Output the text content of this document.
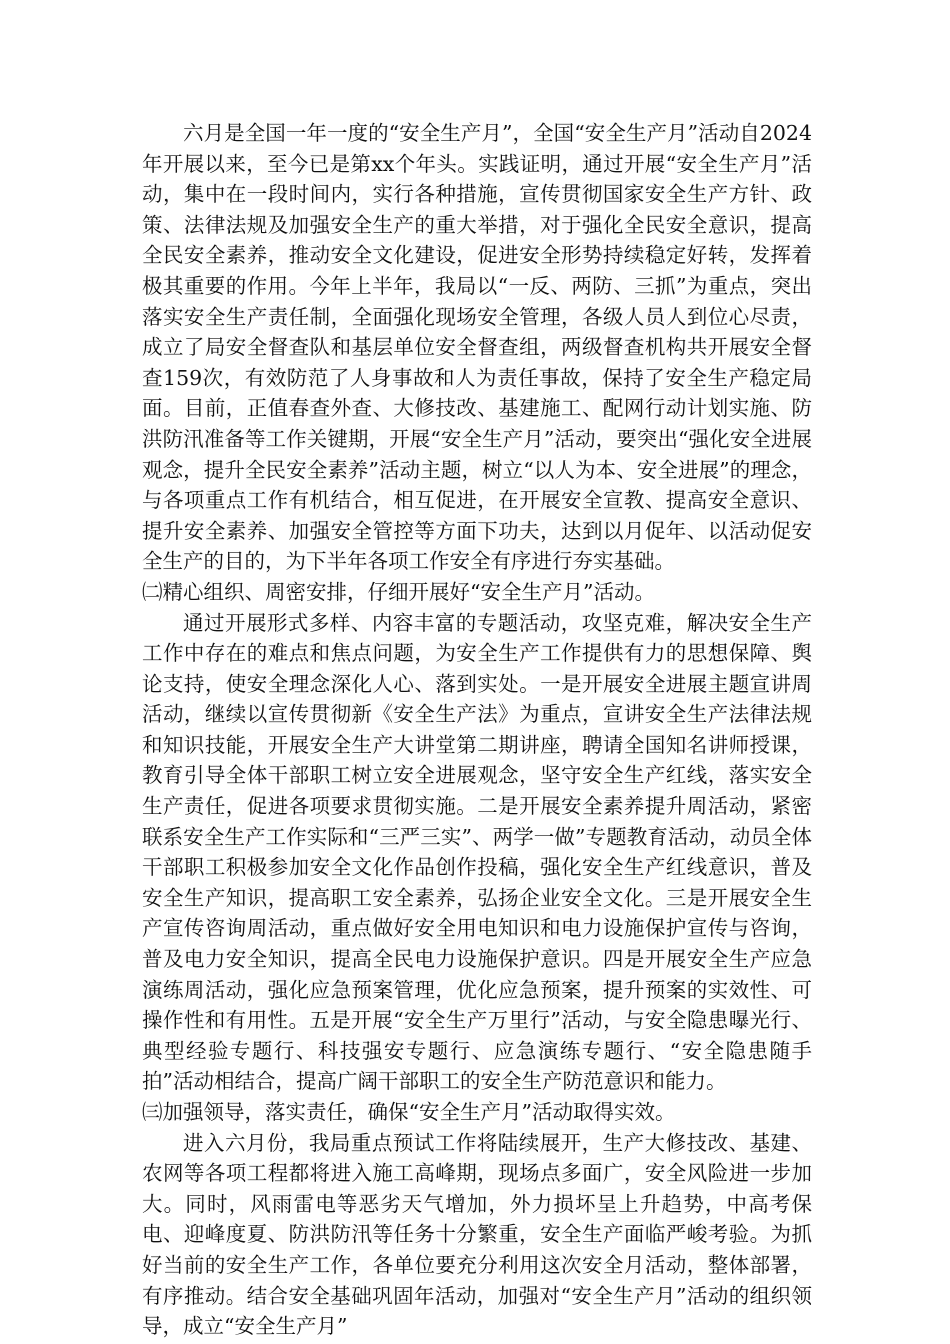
六月是全国一年一度的“安全生产月”，全国“安全生产月”活动自2024年开展以来，至今已是第xx个年头。实践证明，通过开展“安全生产月”活动，集中在一段时间内，实行各种措施，宣传贯彻国家安全生产方针、政策、法律法规及加强安全生产的重大举措，对于强化全民安全意识，提高全民安全素养，推动安全文化建设，促进安全形势持续稳定好转，发挥着极其重要的作用。今年上半年，我局以“一反、两防、三抓”为重点，突出落实安全生产责任制，全面强化现场安全管理，各级人员人到位心尽责，成立了局安全督查队和基层单位安全督查组，两级督查机构共开展安全督查159次，有效防范了人身事故和人为责任事故，保持了安全生产稳定局面。目前，正值春查外查、大修技改、基建施工、配网行动计划实施、防洪防汛准备等工作关键期，开展“安全生产月”活动，要突出“强化安全进展观念，提升全民安全素养”活动主题，树立“以人为本、安全进展”的理念，与各项重点工作有机结合，相互促进，在开展安全宣教、提高安全意识、提升安全素养、加强安全管控等方面下功夫，达到以月促年、以活动促安全生产的目的，为下半年各项工作安全有序进行夯实基础。

㈡精心组织、周密安排，仔细开展好“安全生产月”活动。

通过开展形式多样、内容丰富的专题活动，攻坚克难，解决安全生产工作中存在的难点和焦点问题，为安全生产工作提供有力的思想保障、舆论支持，使安全理念深化人心、落到实处。一是开展安全进展主题宣讲周活动，继续以宣传贯彻新《安全生产法》为重点，宣讲安全生产法律法规和知识技能，开展安全生产大讲堂第二期讲座，聘请全国知名讲师授课，教育引导全体干部职工树立安全进展观念，坚守安全生产红线，落实安全生产责任，促进各项要求贯彻实施。二是开展安全素养提升周活动，紧密联系安全生产工作实际和“三严三实”、两学一做”专题教育活动，动员全体干部职工积极参加安全文化作品创作投稿，强化安全生产红线意识，普及安全生产知识，提高职工安全素养，弘扬企业安全文化。三是开展安全生产宣传咨询周活动，重点做好安全用电知识和电力设施保护宣传与咨询，普及电力安全知识，提高全民电力设施保护意识。四是开展安全生产应急演练周活动，强化应急预案管理，优化应急预案，提升预案的实效性、可操作性和有用性。五是开展“安全生产万里行”活动，与安全隐患曝光行、典型经验专题行、科技强安专题行、应急演练专题行、“安全隐患随手拍”活动相结合，提高广阔干部职工的安全生产防范意识和能力。

㈢加强领导，落实责任，确保“安全生产月”活动取得实效。

进入六月份，我局重点预试工作将陆续展开，生产大修技改、基建、农网等各项工程都将进入施工高峰期，现场点多面广，安全风险进一步加大。同时，风雨雷电等恶劣天气增加，外力损坏呈上升趋势，中高考保电、迎峰度夏、防洪防汛等任务十分繁重，安全生产面临严峻考验。为抓好当前的安全生产工作，各单位要充分利用这次安全月活动，整体部署，有序推动。结合安全基础巩固年活动，加强对“安全生产月”活动的组织领导，成立“安全生产月”
